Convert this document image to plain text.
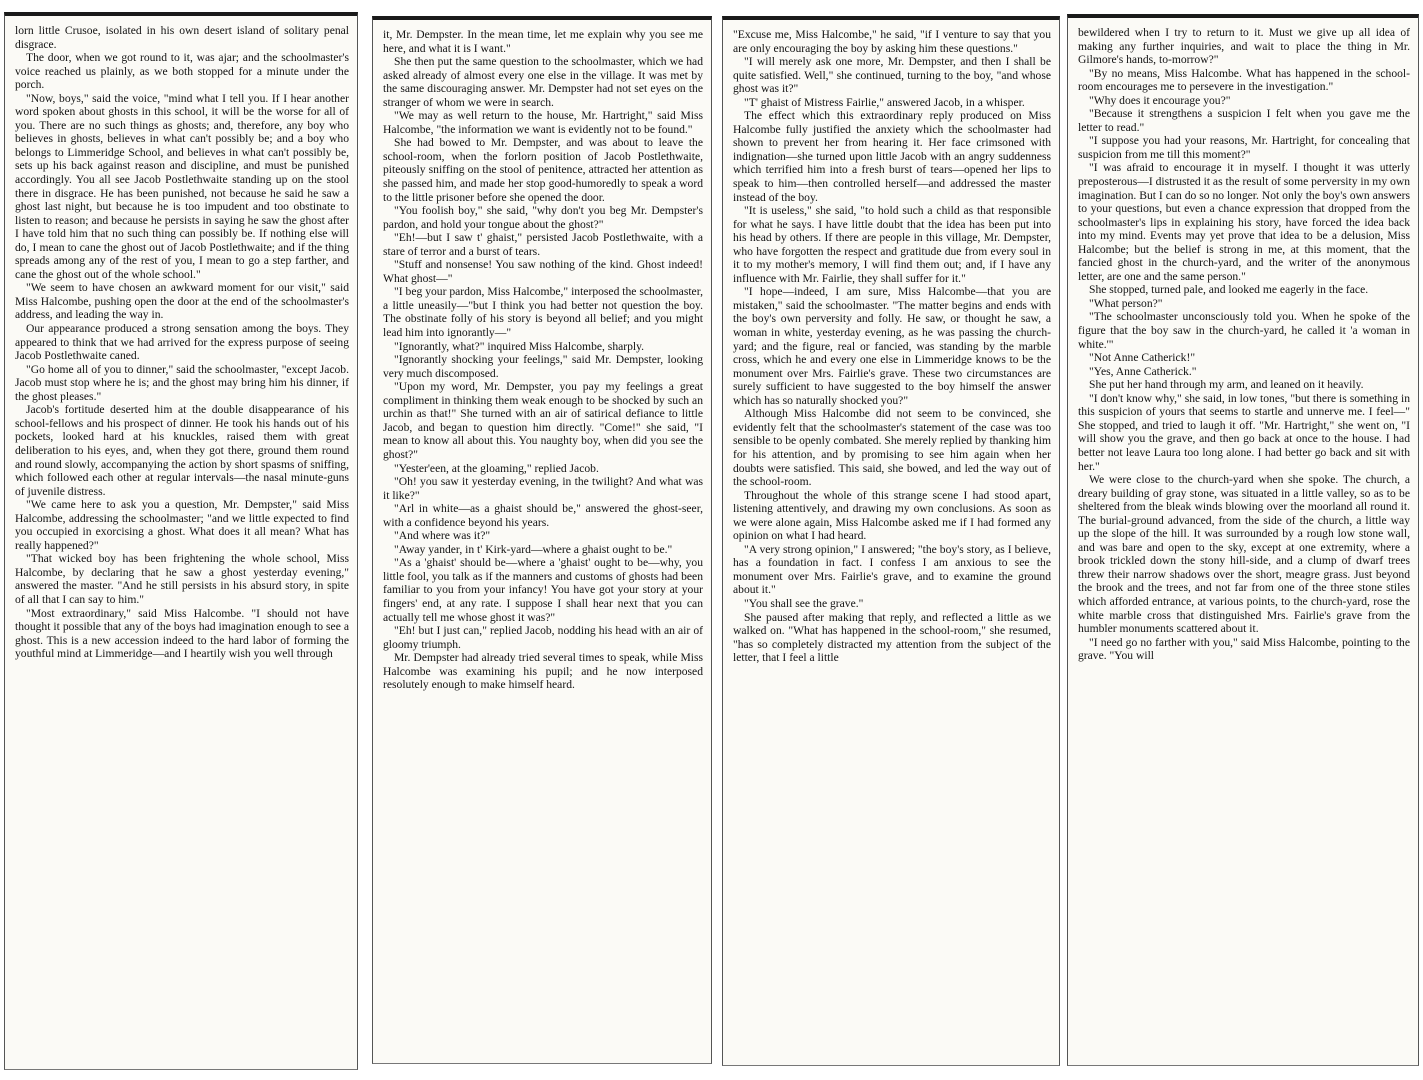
lorn little Crusoe, isolated in his own desert island of solitary penal disgrace.

The door, when we got round to it, was ajar; and the schoolmaster's voice reached us plainly, as we both stopped for a minute under the porch.

"Now, boys," said the voice, "mind what I tell you. If I hear another word spoken about ghosts in this school, it will be the worse for all of you. There are no such things as ghosts; and, therefore, any boy who believes in ghosts, believes in what can't possibly be; and a boy who belongs to Limmeridge School, and believes in what can't possibly be, sets up his back against reason and discipline, and must be punished accordingly. You all see Jacob Postlethwaite standing up on the stool there in disgrace. He has been punished, not because he said he saw a ghost last night, but because he is too impudent and too obstinate to listen to reason; and because he persists in saying he saw the ghost after I have told him that no such thing can possibly be. If nothing else will do, I mean to cane the ghost out of Jacob Postlethwaite; and if the thing spreads among any of the rest of you, I mean to go a step farther, and cane the ghost out of the whole school."

"We seem to have chosen an awkward moment for our visit," said Miss Halcombe, pushing open the door at the end of the schoolmaster's address, and leading the way in.

Our appearance produced a strong sensation among the boys. They appeared to think that we had arrived for the express purpose of seeing Jacob Postlethwaite caned.

"Go home all of you to dinner," said the schoolmaster, "except Jacob. Jacob must stop where he is; and the ghost may bring him his dinner, if the ghost pleases."

Jacob's fortitude deserted him at the double disappearance of his school-fellows and his prospect of dinner. He took his hands out of his pockets, looked hard at his knuckles, raised them with great deliberation to his eyes, and, when they got there, ground them round and round slowly, accompanying the action by short spasms of sniffing, which followed each other at regular intervals—the nasal minute-guns of juvenile distress.

"We came here to ask you a question, Mr. Dempster," said Miss Halcombe, addressing the schoolmaster; "and we little expected to find you occupied in exorcising a ghost. What does it all mean? What has really happened?"

"That wicked boy has been frightening the whole school, Miss Halcombe, by declaring that he saw a ghost yesterday evening," answered the master. "And he still persists in his absurd story, in spite of all that I can say to him."

"Most extraordinary," said Miss Halcombe. "I should not have thought it possible that any of the boys had imagination enough to see a ghost. This is a new accession indeed to the hard labor of forming the youthful mind at Limmeridge—and I heartily wish you well through

it, Mr. Dempster. In the mean time, let me explain why you see me here, and what it is I want."

She then put the same question to the schoolmaster, which we had asked already of almost every one else in the village. It was met by the same discouraging answer. Mr. Dempster had not set eyes on the stranger of whom we were in search.

"We may as well return to the house, Mr. Hartright," said Miss Halcombe, "the information we want is evidently not to be found."

She had bowed to Mr. Dempster, and was about to leave the school-room, when the forlorn position of Jacob Postlethwaite, piteously sniffing on the stool of penitence, attracted her attention as she passed him, and made her stop good-humoredly to speak a word to the little prisoner before she opened the door.

"You foolish boy," she said, "why don't you beg Mr. Dempster's pardon, and hold your tongue about the ghost?"

"Eh!—but I saw t' ghaist," persisted Jacob Postlethwaite, with a stare of terror and a burst of tears.

"Stuff and nonsense! You saw nothing of the kind. Ghost indeed! What ghost—"

"I beg your pardon, Miss Halcombe," interposed the schoolmaster, a little uneasily—"but I think you had better not question the boy. The obstinate folly of his story is beyond all belief; and you might lead him into ignorantly—"

"Ignorantly, what?" inquired Miss Halcombe, sharply.

"Ignorantly shocking your feelings," said Mr. Dempster, looking very much discomposed.

"Upon my word, Mr. Dempster, you pay my feelings a great compliment in thinking them weak enough to be shocked by such an urchin as that!" She turned with an air of satirical defiance to little Jacob, and began to question him directly. "Come!" she said, "I mean to know all about this. You naughty boy, when did you see the ghost?"

"Yester'een, at the gloaming," replied Jacob.

"Oh! you saw it yesterday evening, in the twilight? And what was it like?"

"Arl in white—as a ghaist should be," answered the ghost-seer, with a confidence beyond his years.

"And where was it?"

"Away yander, in t' Kirk-yard—where a ghaist ought to be."

"As a 'ghaist' should be—where a 'ghaist' ought to be—why, you little fool, you talk as if the manners and customs of ghosts had been familiar to you from your infancy! You have got your story at your fingers' end, at any rate. I suppose I shall hear next that you can actually tell me whose ghost it was?"

"Eh! but I just can," replied Jacob, nodding his head with an air of gloomy triumph.

Mr. Dempster had already tried several times to speak, while Miss Halcombe was examining his pupil; and he now interposed resolutely enough to make himself heard.

"Excuse me, Miss Halcombe," he said, "if I venture to say that you are only encouraging the boy by asking him these questions."

"I will merely ask one more, Mr. Dempster, and then I shall be quite satisfied. Well," she continued, turning to the boy, "and whose ghost was it?"

"T' ghaist of Mistress Fairlie," answered Jacob, in a whisper.

The effect which this extraordinary reply produced on Miss Halcombe fully justified the anxiety which the schoolmaster had shown to prevent her from hearing it. Her face crimsoned with indignation—she turned upon little Jacob with an angry suddenness which terrified him into a fresh burst of tears—opened her lips to speak to him—then controlled herself—and addressed the master instead of the boy.

"It is useless," she said, "to hold such a child as that responsible for what he says. I have little doubt that the idea has been put into his head by others. If there are people in this village, Mr. Dempster, who have forgotten the respect and gratitude due from every soul in it to my mother's memory, I will find them out; and, if I have any influence with Mr. Fairlie, they shall suffer for it."

"I hope—indeed, I am sure, Miss Halcombe—that you are mistaken," said the schoolmaster. "The matter begins and ends with the boy's own perversity and folly. He saw, or thought he saw, a woman in white, yesterday evening, as he was passing the church-yard; and the figure, real or fancied, was standing by the marble cross, which he and every one else in Limmeridge knows to be the monument over Mrs. Fairlie's grave. These two circumstances are surely sufficient to have suggested to the boy himself the answer which has so naturally shocked you?"

Although Miss Halcombe did not seem to be convinced, she evidently felt that the schoolmaster's statement of the case was too sensible to be openly combated. She merely replied by thanking him for his attention, and by promising to see him again when her doubts were satisfied. This said, she bowed, and led the way out of the school-room.

Throughout the whole of this strange scene I had stood apart, listening attentively, and drawing my own conclusions. As soon as we were alone again, Miss Halcombe asked me if I had formed any opinion on what I had heard.

"A very strong opinion," I answered; "the boy's story, as I believe, has a foundation in fact. I confess I am anxious to see the monument over Mrs. Fairlie's grave, and to examine the ground about it."

"You shall see the grave."

She paused after making that reply, and reflected a little as we walked on. "What has happened in the school-room," she resumed, "has so completely distracted my attention from the subject of the letter, that I feel a little

bewildered when I try to return to it. Must we give up all idea of making any further inquiries, and wait to place the thing in Mr. Gilmore's hands, to-morrow?"

"By no means, Miss Halcombe. What has happened in the school-room encourages me to persevere in the investigation."

"Why does it encourage you?"

"Because it strengthens a suspicion I felt when you gave me the letter to read."

"I suppose you had your reasons, Mr. Hartright, for concealing that suspicion from me till this moment?"

"I was afraid to encourage it in myself. I thought it was utterly preposterous—I distrusted it as the result of some perversity in my own imagination. But I can do so no longer. Not only the boy's own answers to your questions, but even a chance expression that dropped from the schoolmaster's lips in explaining his story, have forced the idea back into my mind. Events may yet prove that idea to be a delusion, Miss Halcombe; but the belief is strong in me, at this moment, that the fancied ghost in the church-yard, and the writer of the anonymous letter, are one and the same person."

She stopped, turned pale, and looked me eagerly in the face.

"What person?"

"The schoolmaster unconsciously told you. When he spoke of the figure that the boy saw in the church-yard, he called it 'a woman in white.'"

"Not Anne Catherick!"

"Yes, Anne Catherick."

She put her hand through my arm, and leaned on it heavily.

"I don't know why," she said, in low tones, "but there is something in this suspicion of yours that seems to startle and unnerve me. I feel—" She stopped, and tried to laugh it off. "Mr. Hartright," she went on, "I will show you the grave, and then go back at once to the house. I had better not leave Laura too long alone. I had better go back and sit with her."

We were close to the church-yard when she spoke. The church, a dreary building of gray stone, was situated in a little valley, so as to be sheltered from the bleak winds blowing over the moorland all round it. The burial-ground advanced, from the side of the church, a little way up the slope of the hill. It was surrounded by a rough low stone wall, and was bare and open to the sky, except at one extremity, where a brook trickled down the stony hill-side, and a clump of dwarf trees threw their narrow shadows over the short, meagre grass. Just beyond the brook and the trees, and not far from one of the three stone stiles which afforded entrance, at various points, to the church-yard, rose the white marble cross that distinguished Mrs. Fairlie's grave from the humbler monuments scattered about it.

"I need go no farther with you," said Miss Halcombe, pointing to the grave. "You will
